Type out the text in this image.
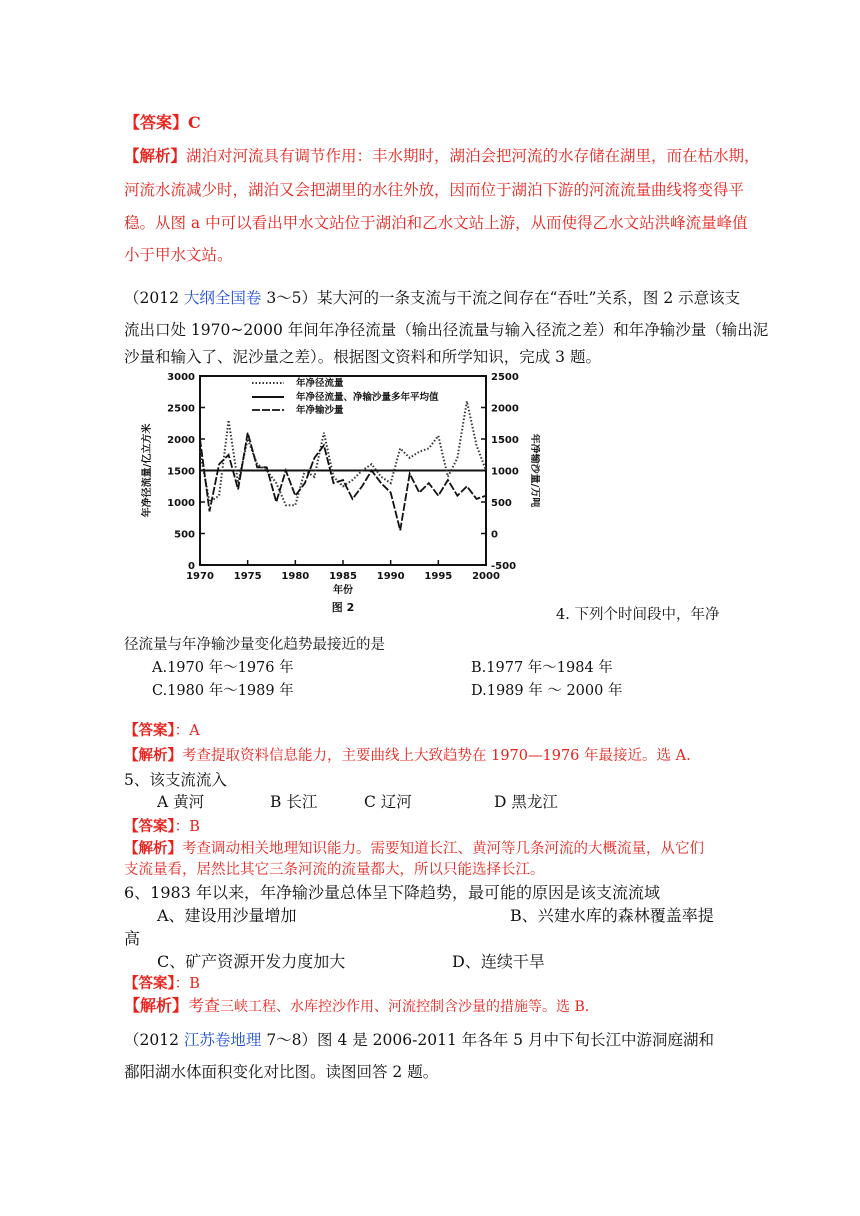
【答案】C
【解析】湖泊对河流具有调节作用：丰水期时，湖泊会把河流的水存储在湖里，而在枯水期，
河流水流减少时，湖泊又会把湖里的水往外放，因而位于湖泊下游的河流流量曲线将变得平
稳。从图 a 中可以看出甲水文站位于湖泊和乙水文站上游，从而使得乙水文站洪峰流量峰值
小于甲水文站。
（2012 大纲全国卷 3～5）某大河的一条支流与干流之间存在“吞吐”关系，图 2 示意该支
流出口处 1970~2000 年间年净径流量（输出径流量与输入径流之差）和年净输沙量（输出泥
沙量和输入了、泥沙量之差）。根据图文资料和所学知识，完成 3 题。
1970 1975 1980 1985 1990 1995 2000
0
500
1000
1500
2000
2500
3000
-500
0
500
1000
1500
2000
2500
年份
图 2
年净径流量/亿立方米	年净输沙量/万吨
年净径流量
年净径流量、净输沙量多年平均值
年净输沙量
4. 下列个时间段中，年净
径流量与年净输沙量变化趋势最接近的是
A.1970 年～1976 年	B.1977 年～1984 年
C.1980 年～1989 年	D.1989 年 ～ 2000 年
【答案】：A
【解析】考查提取资料信息能力，主要曲线上大致趋势在 1970—1976 年最接近。选 A.
5、该支流流入
A 黄河	B 长江	C 辽河	D 黑龙江
【答案】：B
【解析】考查调动相关地理知识能力。需要知道长江、黄河等几条河流的大概流量，从它们
支流量看，居然比其它三条河流的流量都大，所以只能选择长江。
6、1983 年以来，年净输沙量总体呈下降趋势，最可能的原因是该支流流域
A、建设用沙量增加	B、兴建水库的森林覆盖率提
高
C、矿产资源开发力度加大	D、连续干旱
【答案】：B
【解析】考查三峡工程、水库控沙作用、河流控制含沙量的措施等。选 B.
（2012 江苏卷地理 7～8）图 4 是 2006-2011 年各年 5 月中下旬长江中游洞庭湖和
鄱阳湖水体面积变化对比图。读图回答 2 题。
